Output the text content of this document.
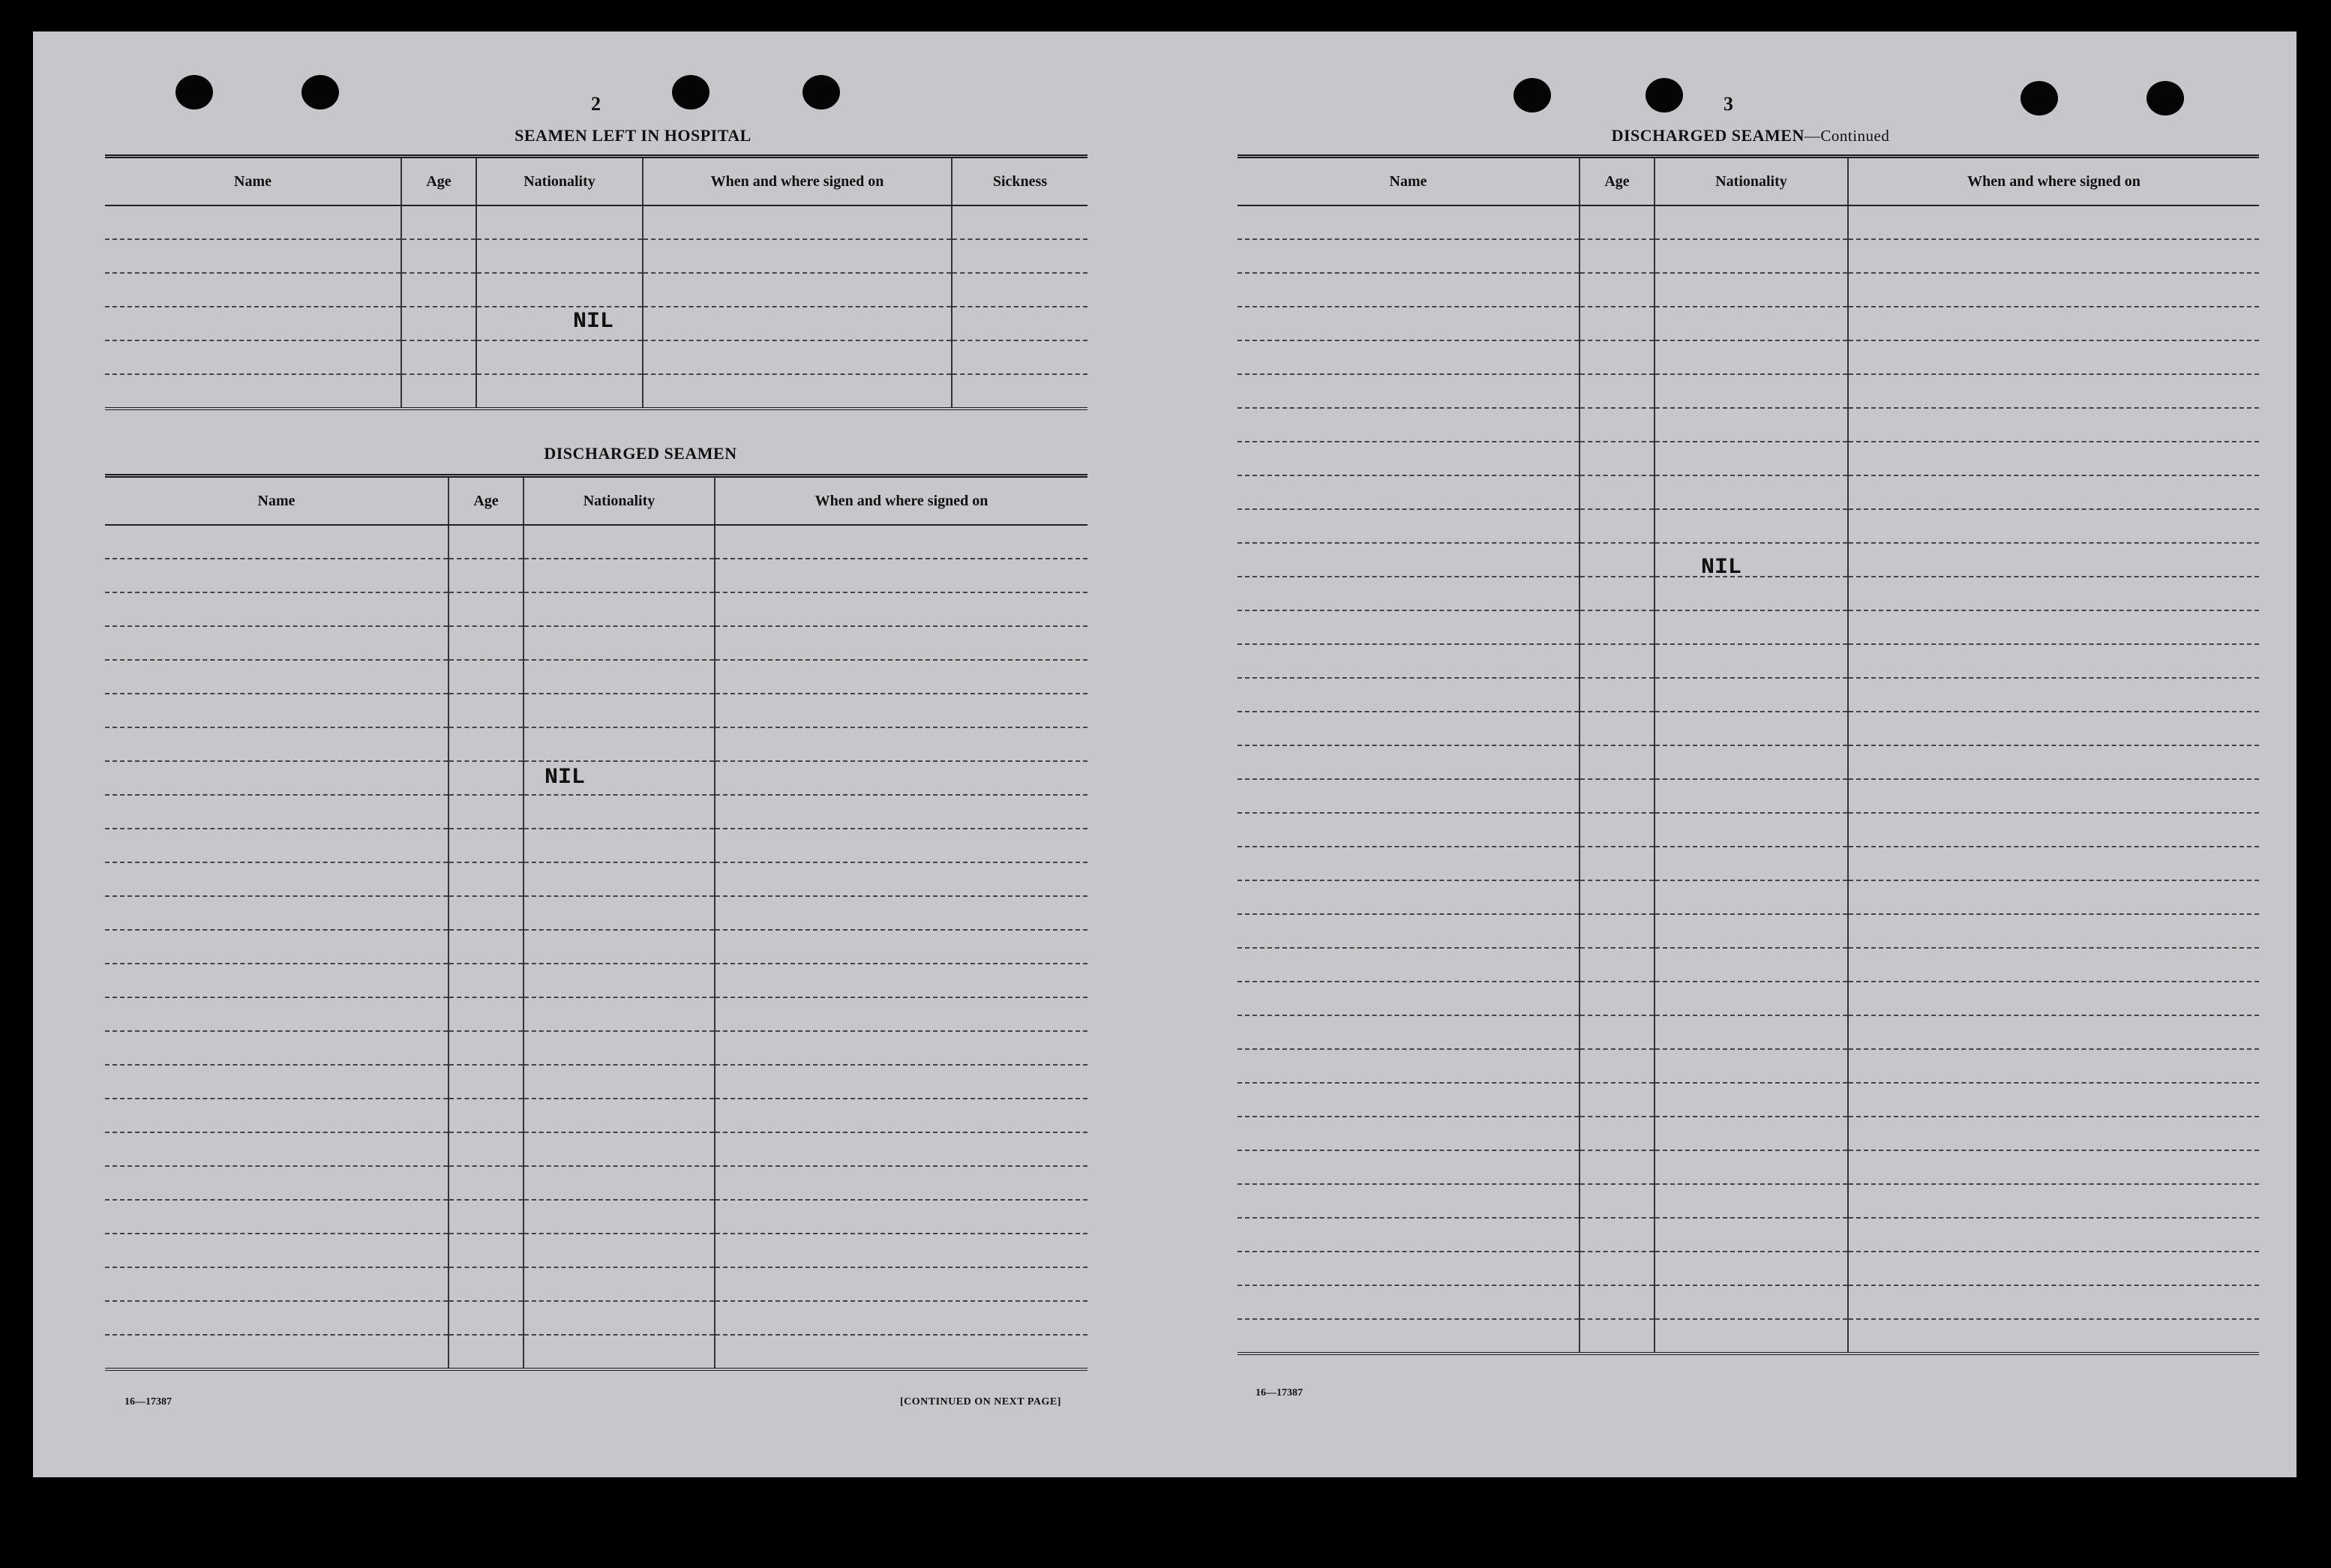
2
SEAMEN LEFT IN HOSPITAL
Name	Age	Nationality	When and where signed on	Sickness

NIL
DISCHARGED SEAMEN
Name	Age	Nationality	When and where signed on

NIL
16—17387	[CONTINUED ON NEXT PAGE]
3
DISCHARGED SEAMEN—Continued
Name	Age	Nationality	When and where signed on

NIL
16—17387
